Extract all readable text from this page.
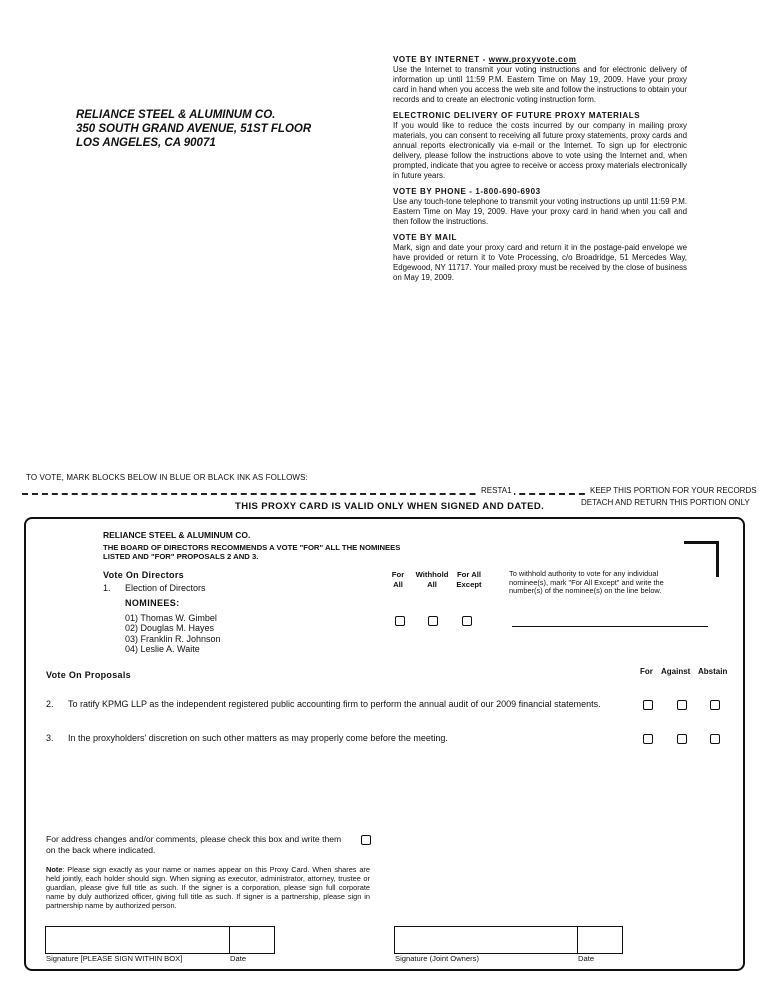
RELIANCE STEEL & ALUMINUM CO.
350 SOUTH GRAND AVENUE, 51ST FLOOR
LOS ANGELES, CA 90071
VOTE BY INTERNET - www.proxyvote.com
Use the Internet to transmit your voting instructions and for electronic delivery of information up until 11:59 P.M. Eastern Time on May 19, 2009. Have your proxy card in hand when you access the web site and follow the instructions to obtain your records and to create an electronic voting instruction form.
ELECTRONIC DELIVERY OF FUTURE PROXY MATERIALS
If you would like to reduce the costs incurred by our company in mailing proxy materials, you can consent to receiving all future proxy statements, proxy cards and annual reports electronically via e-mail or the Internet. To sign up for electronic delivery, please follow the instructions above to vote using the Internet and, when prompted, indicate that you agree to receive or access proxy materials electronically in future years.
VOTE BY PHONE - 1-800-690-6903
Use any touch-tone telephone to transmit your voting instructions up until 11:59 P.M. Eastern Time on May 19, 2009. Have your proxy card in hand when you call and then follow the instructions.
VOTE BY MAIL
Mark, sign and date your proxy card and return it in the postage-paid envelope we have provided or return it to Vote Processing, c/o Broadridge, 51 Mercedes Way, Edgewood, NY 11717. Your mailed proxy must be received by the close of business on May 19, 2009.
TO VOTE, MARK BLOCKS BELOW IN BLUE OR BLACK INK AS FOLLOWS:
RESTA1	KEEP THIS PORTION FOR YOUR RECORDS
THIS PROXY CARD IS VALID ONLY WHEN SIGNED AND DATED.	DETACH AND RETURN THIS PORTION ONLY
RELIANCE STEEL & ALUMINUM CO.
THE BOARD OF DIRECTORS RECOMMENDS A VOTE "FOR" ALL THE NOMINEES LISTED AND "FOR" PROPOSALS 2 AND 3.
Vote On Directors
1. Election of Directors
NOMINEES:
01) Thomas W. Gimbel
02) Douglas M. Hayes
03) Franklin R. Johnson
04) Leslie A. Waite
For
All
Withhold
All
For All
Except
To withhold authority to vote for any individual nominee(s), mark "For All Except" and write the number(s) of the nominee(s) on the line below.
Vote On Proposals	For Against Abstain
2. To ratify KPMG LLP as the independent registered public accounting firm to perform the annual audit of our 2009 financial statements.
3. In the proxyholders' discretion on such other matters as may properly come before the meeting.
For address changes and/or comments, please check this box and write them on the back where indicated.
Note: Please sign exactly as your name or names appear on this Proxy Card. When shares are held jointly, each holder should sign. When signing as executor, administrator, attorney, trustee or guardian, please give full title as such. If the signer is a corporation, please sign full corporate name by duly authorized officer, giving full title as such. If signer is a partnership, please sign in partnership name by authorized person.
Signature [PLEASE SIGN WITHIN BOX]	Date	Signature (Joint Owners)	Date
